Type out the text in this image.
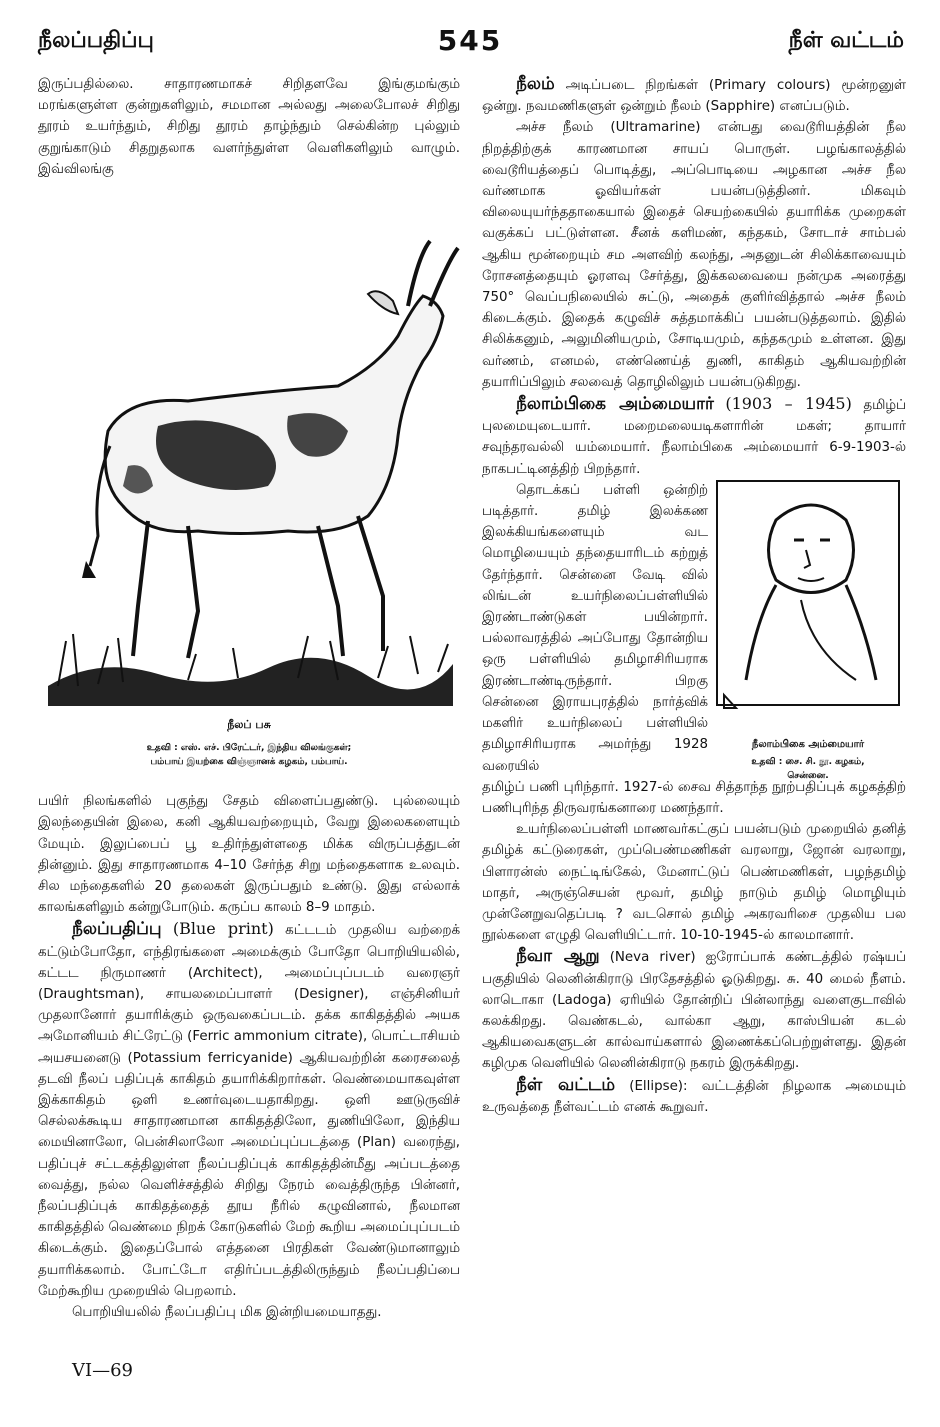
நீலப்பதிப்பு	545	நீள் வட்டம்

இருப்பதில்லை. சாதாரணமாகச் சிறிதளவே இங்குமங்கும் மரங்களுள்ள குன்றுகளிலும், சமமான அல்லது அலைபோலச் சிறிது தூரம் உயர்ந்தும், சிறிது தூரம் தாழ்ந்தும் செல்கின்ற புல்லும் குறுங்காடும் சிதறுதலாக வளர்ந்துள்ள வெளிகளிலும் வாழும். இவ்விலங்கு

நீலப் பசு
உதவி : எஸ். எச். பிரேட்டர், இந்திய விலங்குகள்;
பம்பாய் இயற்கை விஞ்ஞானக் கழகம், பம்பாய்.

பயிர் நிலங்களில் புகுந்து சேதம் விளைப்பதுண்டு. புல்லையும் இலந்தையின் இலை, கனி ஆகியவற்றையும், வேறு இலைகளையும் மேயும். இலுப்பைப் பூ உதிர்ந்துள்ளதை மிக்க விருப்பத்துடன் தின்னும். இது சாதாரணமாக 4–10 சேர்ந்த சிறு மந்தைகளாக உலவும். சில மந்தைகளில் 20 தலைகள் இருப்பதும் உண்டு. இது எல்லாக் காலங்களிலும் கன்றுபோடும். கருப்ப காலம் 8–9 மாதம்.

நீலப்பதிப்பு (Blue print) கட்டடம் முதலிய வற்றைக் கட்டும்போதோ, எந்திரங்களை அமைக்கும் போதோ பொறியியலில், கட்டட நிருமாணர் (Architect), அமைப்புப்படம் வரைஞர் (Draughtsman), சாயலமைப்பாளர் (Designer), எஞ்சினியர் முதலானோர் தயாரிக்கும் ஒருவகைப்படம். தக்க காகிதத்தில் அயக அமோனியம் சிட்ரேட்டு (Ferric ammonium citrate), பொட்டாசியம் அயசயனைடு (Potassium ferricyanide) ஆகியவற்றின் கரைசலைத் தடவி நீலப் பதிப்புக் காகிதம் தயாரிக்கிறார்கள். வெண்மையாகவுள்ள இக்காகிதம் ஒளி உணர்வுடையதாகிறது. ஒளி ஊடுருவிச் செல்லக்கூடிய சாதாரணமான காகிதத்திலோ, துணியிலோ, இந்திய மையினாலோ, பென்சிலாலோ அமைப்புப்படத்தை (Plan) வரைந்து, பதிப்புச் சட்டகத்திலுள்ள நீலப்பதிப்புக் காகிதத்தின்மீது அப்படத்தை வைத்து, நல்ல வெளிச்சத்தில் சிறிது நேரம் வைத்திருந்த பின்னர், நீலப்பதிப்புக் காகிதத்தைத் தூய நீரில் கழுவினால், நீலமான காகிதத்தில் வெண்மை நிறக் கோடுகளில் மேற் கூறிய அமைப்புப்படம் கிடைக்கும். இதைப்போல் எத்தனை பிரதிகள் வேண்டுமானாலும் தயாரிக்கலாம். போட்டோ எதிர்ப்படத்திலிருந்தும் நீலப்பதிப்பை மேற்கூறிய முறையில் பெறலாம்.

பொறியியலில் நீலப்பதிப்பு மிக இன்றியமையாதது.

நீலம் அடிப்படை நிறங்கள் (Primary colours) மூன்றனுள் ஒன்று. நவமணிகளுள் ஒன்றும் நீலம் (Sapphire) எனப்படும்.

அச்ச நீலம் (Ultramarine) என்பது வைடூரியத்தின் நீல நிறத்திற்குக் காரணமான சாயப் பொருள். பழங்காலத்தில் வைடூரியத்தைப் பொடித்து, அப்பொடியை அழகான அச்ச நீல வர்ணமாக ஓவியர்கள் பயன்படுத்தினர். மிகவும் விலையுயர்ந்ததாகையால் இதைச் செயற்கையில் தயாரிக்க முறைகள் வகுக்கப் பட்டுள்ளன. சீனக் களிமண், கந்தகம், சோடாச் சாம்பல் ஆகிய மூன்றையும் சம அளவிற் கலந்து, அதனுடன் சிலிக்காவையும் ரோசனத்தையும் ஓரளவு சேர்த்து, இக்கலவையை நன்முக அரைத்து 750° வெப்பநிலையில் சுட்டு, அதைக் குளிர்வித்தால் அச்ச நீலம் கிடைக்கும். இதைக் கழுவிச் சுத்தமாக்கிப் பயன்படுத்தலாம். இதில் சிலிக்கனும், அலுமினியமும், சோடியமும், கந்தகமும் உள்ளன. இது வர்ணம், எனமல், எண்ணெய்த் துணி, காகிதம் ஆகியவற்றின் தயாரிப்பிலும் சலவைத் தொழிலிலும் பயன்படுகிறது.

நீலாம்பிகை அம்மையார் (1903 – 1945) தமிழ்ப் புலமையுடையார். மறைமலையடிகளாரின் மகள்; தாயார் சவுந்தரவல்லி யம்மையார். நீலாம்பிகை அம்மையார் 6-9-1903-ல் நாகபட்டினத்திற் பிறந்தார்.

தொடக்கப் பள்ளி ஒன்றிற் படித்தார். தமிழ் இலக்கண இலக்கியங்களையும் வட மொழியையும் தந்தையாரிடம் கற்றுத் தேர்ந்தார். சென்னை வேடி வில் லிங்டன் உயர்நிலைப்பள்ளியில் இரண்டாண்டுகள் பயின்றார். பல்லாவரத்தில் அப்போது தோன்றிய ஒரு பள்ளியில் தமிழாசிரியராக இரண்டாண்டிருந்தார். பிறகு சென்னை இராயபுரத்தில் நார்த்விக் மகளிர் உயர்நிலைப் பள்ளியில் தமிழாசிரியராக அமர்ந்து 1928 வரையில்

நீலாம்பிகை அம்மையார்
உதவி : சை. சி. நூ. கழகம்,
சென்னை.

தமிழ்ப் பணி புரிந்தார். 1927-ல் சைவ சித்தாந்த நூற்பதிப்புக் கழகத்திற் பணிபுரிந்த திருவரங்கனாரை மணந்தார்.

உயர்நிலைப்பள்ளி மாணவர்கட்குப் பயன்படும் முறையில் தனித் தமிழ்க் கட்டுரைகள், முப்பெண்மணிகள் வரலாறு, ஜோன் வரலாறு, பிளாரன்ஸ் நைட்டிங்கேல், மேனாட்டுப் பெண்மணிகள், பழந்தமிழ் மாதர், அருஞ்செயன் மூவர், தமிழ் நாடும் தமிழ் மொழியும் முன்னேறுவதெப்படி ? வடசொல் தமிழ் அகரவரிசை முதலிய பல நூல்களை எழுதி வெளியிட்டார். 10-10-1945-ல் காலமானார்.

நீவா ஆறு (Neva river) ஐரோப்பாக் கண்டத்தில் ரஷ்யப் பகுதியில் லெனின்கிராடு பிரதேசத்தில் ஓடுகிறது. சு. 40 மைல் நீளம். லாடொகா (Ladoga) ஏரியில் தோன்றிப் பின்லாந்து வளைகுடாவில் கலக்கிறது. வெண்கடல், வால்கா ஆறு, காஸ்பியன் கடல் ஆகியவைகளுடன் கால்வாய்களால் இணைக்கப்பெற்றுள்ளது. இதன் கழிமுக வெளியில் லெனின்கிராடு நகரம் இருக்கிறது.

நீள் வட்டம் (Ellipse): வட்டத்தின் நிழலாக அமையும் உருவத்தை நீள்வட்டம் எனக் கூறுவர்.

VI—69
